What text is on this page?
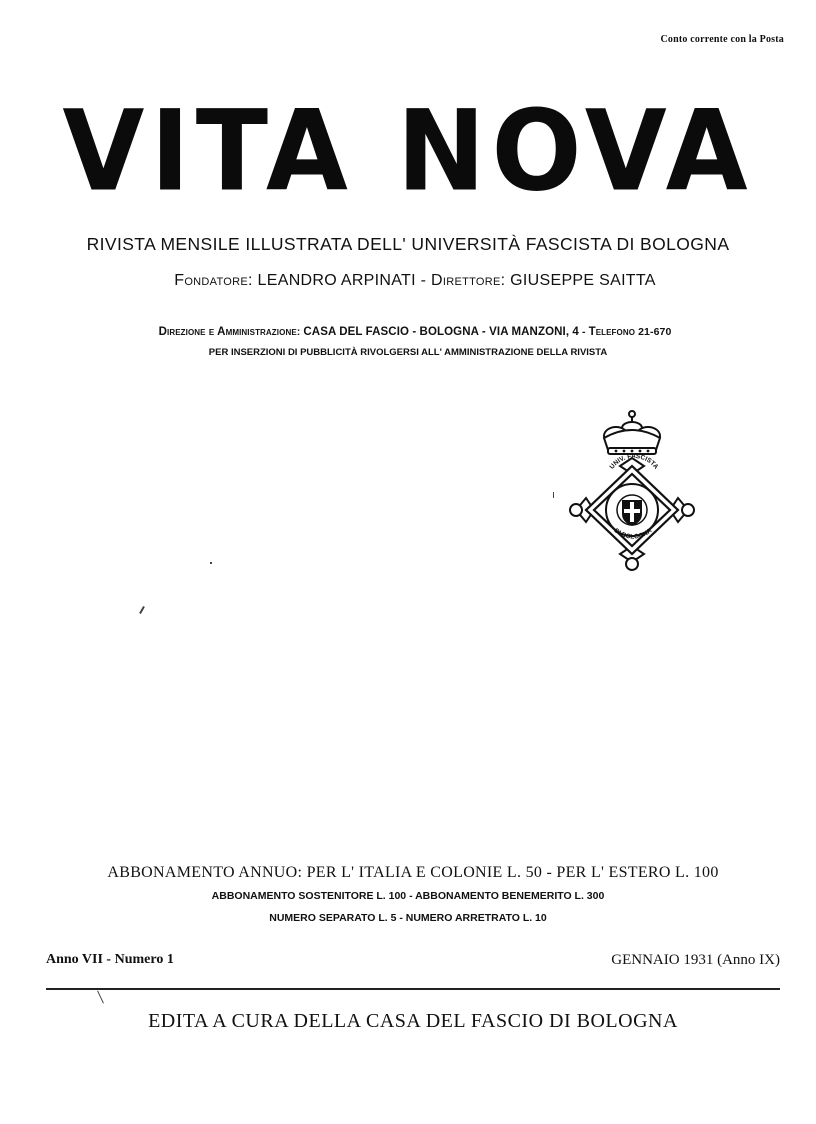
Conto corrente con la Posta
VITA NOVA
RIVISTA MENSILE ILLUSTRATA DELL' UNIVERSITÀ FASCISTA DI BOLOGNA
Fondatore: LEANDRO ARPINATI - Direttore: GIUSEPPE SAITTA
Direzione e Amministrazione: CASA DEL FASCIO - BOLOGNA - VIA MANZONI, 4 - Telefono 21-670
PER INSERZIONI DI PUBBLICITÀ RIVOLGERSI ALL' AMMINISTRAZIONE DELLA RIVISTA
UNIV. FASCISTA
DI BOLOGNA
ABBONAMENTO ANNUO: PER L' ITALIA E COLONIE L. 50 - PER L' ESTERO L. 100
ABBONAMENTO SOSTENITORE L. 100 - ABBONAMENTO BENEMERITO L. 300
NUMERO SEPARATO L. 5 - NUMERO ARRETRATO L. 10
Anno VII - Numero 1	GENNAIO 1931 (Anno IX)
EDITA A CURA DELLA CASA DEL FASCIO DI BOLOGNA
